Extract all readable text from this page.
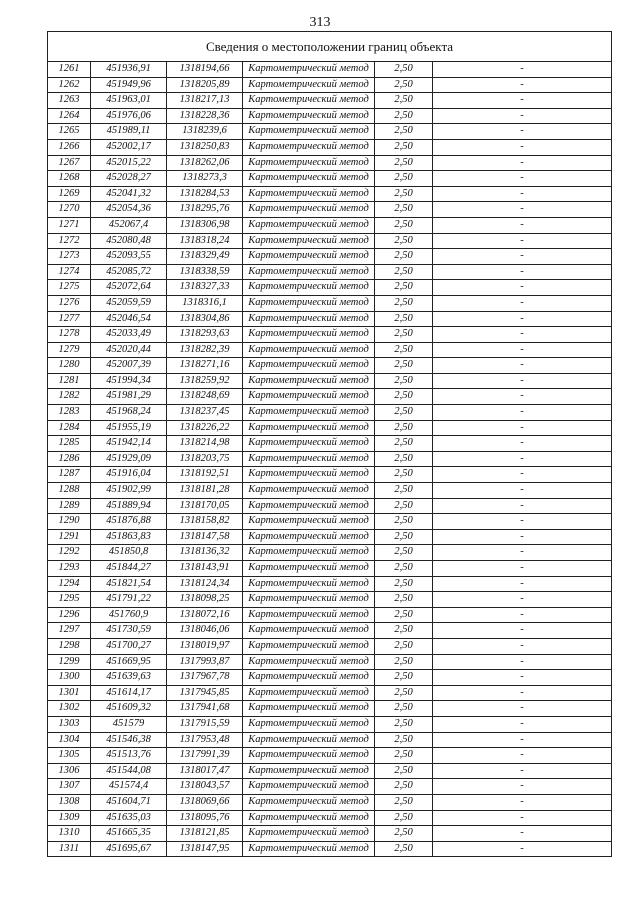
313
Сведения о местоположении границ объекта
1261	451936,91	1318194,66	Картометрический метод	2,50	-
1262	451949,96	1318205,89	Картометрический метод	2,50	-
1263	451963,01	1318217,13	Картометрический метод	2,50	-
1264	451976,06	1318228,36	Картометрический метод	2,50	-
1265	451989,11	1318239,6	Картометрический метод	2,50	-
1266	452002,17	1318250,83	Картометрический метод	2,50	-
1267	452015,22	1318262,06	Картометрический метод	2,50	-
1268	452028,27	1318273,3	Картометрический метод	2,50	-
1269	452041,32	1318284,53	Картометрический метод	2,50	-
1270	452054,36	1318295,76	Картометрический метод	2,50	-
1271	452067,4	1318306,98	Картометрический метод	2,50	-
1272	452080,48	1318318,24	Картометрический метод	2,50	-
1273	452093,55	1318329,49	Картометрический метод	2,50	-
1274	452085,72	1318338,59	Картометрический метод	2,50	-
1275	452072,64	1318327,33	Картометрический метод	2,50	-
1276	452059,59	1318316,1	Картометрический метод	2,50	-
1277	452046,54	1318304,86	Картометрический метод	2,50	-
1278	452033,49	1318293,63	Картометрический метод	2,50	-
1279	452020,44	1318282,39	Картометрический метод	2,50	-
1280	452007,39	1318271,16	Картометрический метод	2,50	-
1281	451994,34	1318259,92	Картометрический метод	2,50	-
1282	451981,29	1318248,69	Картометрический метод	2,50	-
1283	451968,24	1318237,45	Картометрический метод	2,50	-
1284	451955,19	1318226,22	Картометрический метод	2,50	-
1285	451942,14	1318214,98	Картометрический метод	2,50	-
1286	451929,09	1318203,75	Картометрический метод	2,50	-
1287	451916,04	1318192,51	Картометрический метод	2,50	-
1288	451902,99	1318181,28	Картометрический метод	2,50	-
1289	451889,94	1318170,05	Картометрический метод	2,50	-
1290	451876,88	1318158,82	Картометрический метод	2,50	-
1291	451863,83	1318147,58	Картометрический метод	2,50	-
1292	451850,8	1318136,32	Картометрический метод	2,50	-
1293	451844,27	1318143,91	Картометрический метод	2,50	-
1294	451821,54	1318124,34	Картометрический метод	2,50	-
1295	451791,22	1318098,25	Картометрический метод	2,50	-
1296	451760,9	1318072,16	Картометрический метод	2,50	-
1297	451730,59	1318046,06	Картометрический метод	2,50	-
1298	451700,27	1318019,97	Картометрический метод	2,50	-
1299	451669,95	1317993,87	Картометрический метод	2,50	-
1300	451639,63	1317967,78	Картометрический метод	2,50	-
1301	451614,17	1317945,85	Картометрический метод	2,50	-
1302	451609,32	1317941,68	Картометрический метод	2,50	-
1303	451579	1317915,59	Картометрический метод	2,50	-
1304	451546,38	1317953,48	Картометрический метод	2,50	-
1305	451513,76	1317991,39	Картометрический метод	2,50	-
1306	451544,08	1318017,47	Картометрический метод	2,50	-
1307	451574,4	1318043,57	Картометрический метод	2,50	-
1308	451604,71	1318069,66	Картометрический метод	2,50	-
1309	451635,03	1318095,76	Картометрический метод	2,50	-
1310	451665,35	1318121,85	Картометрический метод	2,50	-
1311	451695,67	1318147,95	Картометрический метод	2,50	-
